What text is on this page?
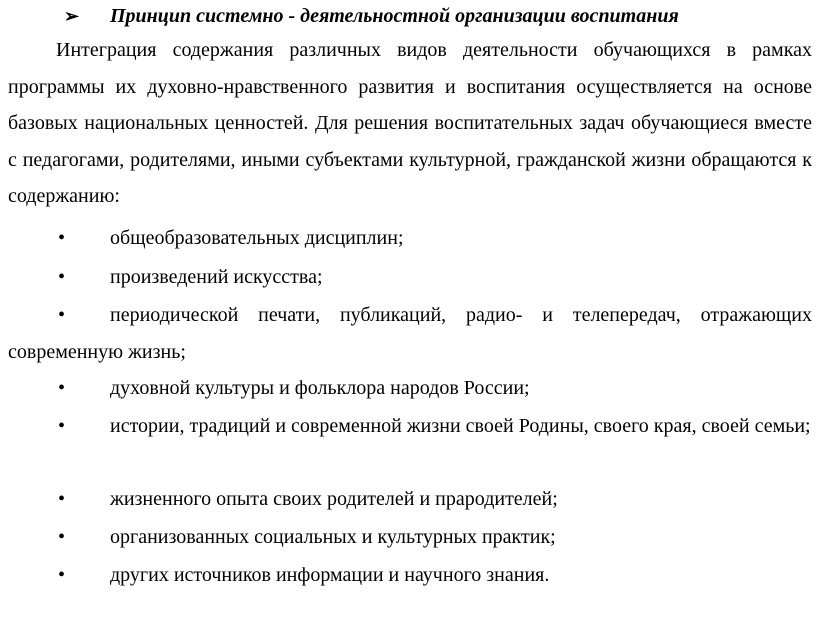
➢	Принцип системно - деятельностной организации воспитания
Интеграция содержания различных видов деятельности обучающихся в рамках программы их духовно-нравственного развития и воспитания осуществляется на основе базовых национальных ценностей. Для решения воспитательных задач обучающиеся вместе с педагогами, родителями, иными субъектами культурной, гражданской жизни обращаются к содержанию:
• общеобразовательных дисциплин;
• произведений искусства;
• периодической печати, публикаций, радио- и телепередач, отражающих современную жизнь;
• духовной культуры и фольклора народов России;
• истории, традиций и современной жизни своей Родины, своего края, своей семьи;
• жизненного опыта своих родителей и прародителей;
• организованных социальных и культурных практик;
• других источников информации и научного знания.
